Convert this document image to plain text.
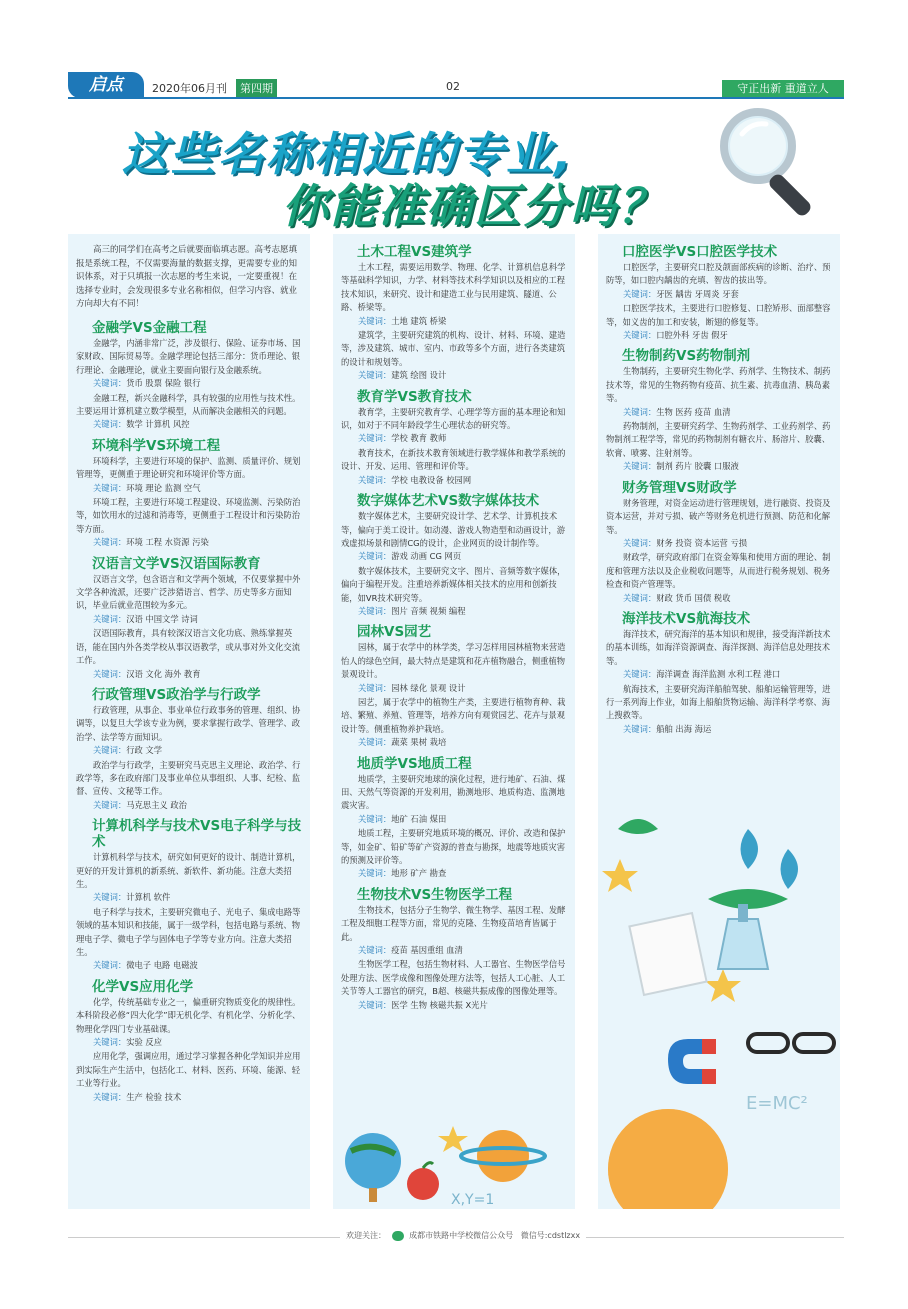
启点	2020年06月刊	第四期	02	守正出新 重道立人
这些名称相近的专业,
你能准确区分吗？
高三的同学们在高考之后就要面临填志愿。高考志愿填报是系统工程，不仅需要海量的数据支撑，更需要专业的知识体系，对于只填报一次志愿的考生来说，一定要重视！在选择专业时，会发现很多专业名称相似，但学习内容、就业方向却大有不同！
金融学VS金融工程

金融学，内涵非常广泛，涉及银行、保险、证券市场、国家财政、国际贸易等。金融学理论包括三部分：货币理论、银行理论、金融理论，就业主要面向银行及金融系统。

关键词：货币 股票 保险 银行

金融工程，新兴金融科学，具有较强的应用性与技术性。主要运用计算机建立数学模型，从而解决金融相关的问题。

关键词：数学 计算机 风控
环境科学VS环境工程

环境科学，主要进行环境的保护、监测、质量评价、规划管理等，更侧重于理论研究和环境评价等方面。

关键词：环境 理论 监测 空气

环境工程，主要进行环境工程建设、环境监测、污染防治等，如饮用水的过滤和消毒等，更侧重于工程设计和污染防治等方面。

关键词：环境 工程 水资源 污染
汉语言文学VS汉语国际教育

汉语言文学，包含语言和文学两个领域，不仅要掌握中外文学各种流派，还要广泛涉猎语言、哲学、历史等多方面知识，毕业后就业范围较为多元。

关键词：汉语 中国文学 诗词

汉语国际教育，具有较深汉语言文化功底、熟练掌握英语，能在国内外各类学校从事汉语教学，或从事对外文化交流工作。

关键词：汉语 文化 海外 教育
行政管理VS政治学与行政学

行政管理，从事企、事业单位行政事务的管理、组织、协调等，以复旦大学该专业为例，要求掌握行政学、管理学、政治学、法学等方面知识。

关键词：行政 文学

政治学与行政学，主要研究马克思主义理论、政治学、行政学等，多在政府部门及事业单位从事组织、人事、纪检、监督、宣传、文秘等工作。

关键词：马克思主义 政治
计算机科学与技术VS电子科学与技术

计算机科学与技术，研究如何更好的设计、制造计算机，更好的开发计算机的新系统、新软件、新功能。注意大类招生。

关键词：计算机 软件

电子科学与技术，主要研究微电子、光电子、集成电路等领域的基本知识和技能，属于一级学科，包括电路与系统、物理电子学、微电子学与固体电子学等专业方向。注意大类招生。

关键词：微电子 电路 电磁波
化学VS应用化学

化学，传统基础专业之一，偏重研究物质变化的规律性。本科阶段必修“四大化学”即无机化学、有机化学、分析化学、物理化学四门专业基础课。

关键词：实验 反应

应用化学，强调应用，通过学习掌握各种化学知识并应用到实际生产生活中，包括化工、材料、医药、环境、能源、轻工业等行业。

关键词：生产 检验 技术
土木工程VS建筑学

土木工程，需要运用数学、物理、化学、计算机信息科学等基础科学知识，力学、材料等技术科学知识以及相应的工程技术知识，来研究、设计和建造工业与民用建筑、隧道、公路、桥梁等。

关键词：土地 建筑 桥梁

建筑学，主要研究建筑的机构、设计、材料、环境、建造等，涉及建筑、城市、室内、市政等多个方面，进行各类建筑的设计和规划等。

关键词：建筑 绘图 设计
教育学VS教育技术

教育学，主要研究教育学、心理学等方面的基本理论和知识，如对于不同年龄段学生心理状态的研究等。

关键词：学校 教育 教师

教育技术，在新技术教育领域进行教学媒体和教学系统的设计、开发、运用、管理和评价等。

关键词：学校 电教设备 校园网
数字媒体艺术VS数字媒体技术

数字媒体艺术，主要研究设计学、艺术学、计算机技术等，偏向于美工设计。如动漫、游戏人物造型和动画设计，游戏虚拟场景和剧情CG的设计，企业网页的设计制作等。

关键词：游戏 动画 CG 网页

数字媒体技术，主要研究文字、图片、音频等数字媒体，偏向于编程开发。注重培养新媒体相关技术的应用和创新技能，如VR技术研究等。

关键词：图片 音频 视频 编程
园林VS园艺

园林，属于农学中的林学类，学习怎样用园林植物来营造怡人的绿色空间，最大特点是建筑和花卉植物融合，侧重植物景观设计。

关键词：园林 绿化 景观 设计

园艺，属于农学中的植物生产类，主要进行植物育种、栽培、繁殖、养殖、管理等，培养方向有观赏园艺、花卉与景观设计等。侧重植物养护栽培。

关键词：蔬菜 果树 栽培
地质学VS地质工程

地质学，主要研究地球的演化过程，进行地矿、石油、煤田、天然气等资源的开发利用，勘测地形、地质构造、监测地震灾害。

关键词：地矿 石油 煤田

地质工程，主要研究地质环境的概况、评价、改造和保护等，如金矿、铅矿等矿产资源的普查与勘探，地震等地质灾害的预测及评价等。

关键词：地形 矿产 勘查
生物技术VS生物医学工程

生物技术，包括分子生物学、微生物学、基因工程、发酵工程及细胞工程等方面，常见的克隆、生物疫苗培育皆属于此。

关键词：疫苗 基因重组 血清

生物医学工程，包括生物材料、人工器官、生物医学信号处理方法、医学成像和图像处理方法等，包括人工心脏、人工关节等人工器官的研究，B超、核磁共振成像的图像处理等。

关键词：医学 生物 核磁共振 X光片
X,Y=1
口腔医学VS口腔医学技术

口腔医学，主要研究口腔及颌面部疾病的诊断、治疗、预防等，如口腔内龋齿的充填、智齿的拔出等。

关键词：牙医 龋齿 牙周炎 牙套

口腔医学技术，主要进行口腔修复、口腔矫形、面部整容等，如义齿的加工和安装，断翅的修复等。

关键词：口腔外科 牙齿 假牙
生物制药VS药物制剂

生物制药，主要研究生物化学、药剂学、生物技术、制药技术等，常见的生物药物有疫苗、抗生素、抗毒血清、胰岛素等。

关键词：生物 医药 疫苗 血清

药物制剂，主要研究药学、生物药剂学、工业药剂学、药物制剂工程学等，常见的药物制剂有糖衣片、肠溶片、胶囊、软膏、喷雾、注射剂等。

关键词：制剂 药片 胶囊 口服液
财务管理VS财政学

财务管理，对资金运动进行管理规划，进行融资、投资及资本运营，并对亏损、破产等财务危机进行预测、防范和化解等。

关键词：财务 投资 资本运营 亏损

财政学，研究政府部门在资金筹集和使用方面的理论、制度和管理方法以及企业税收问题等，从而进行税务规划、税务检查和资产管理等。

关键词：财政 货币 国债 税收
海洋技术VS航海技术

海洋技术，研究海洋的基本知识和规律，接受海洋新技术的基本训练，如海洋资源调查、海洋探测、海洋信息处理技术等。

关键词：海洋调查 海洋监测 水利工程 港口

航海技术，主要研究海洋船舶驾驶、船舶运输管理等，进行一系列海上作业，如海上船舶货物运输、海洋科学考察、海上搜救等。

关键词：船舶 出海 海运
E=MC²
欢迎关注：	成都市铁路中学校微信公众号 微信号:cdstlzxx
